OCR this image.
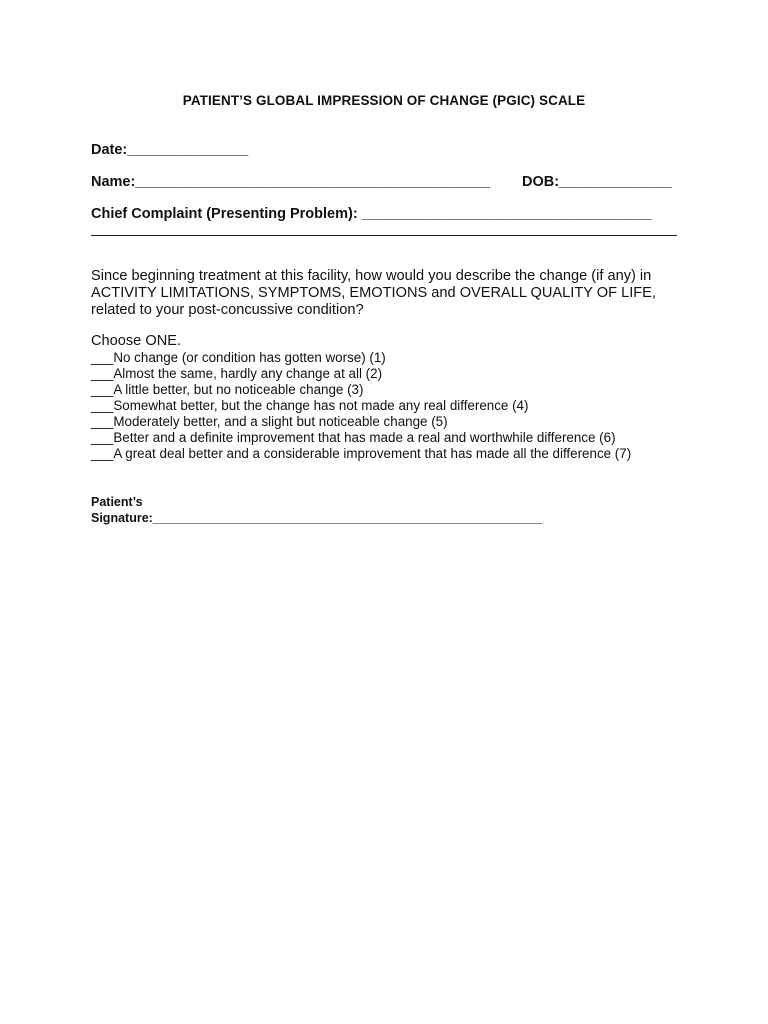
PATIENT’S GLOBAL IMPRESSION OF CHANGE (PGIC) SCALE
Date:_______________
Name:____________________________________________ DOB:______________
Chief Complaint (Presenting Problem): ____________________________________
Since beginning treatment at this facility, how would you describe the change (if any) in
ACTIVITY LIMITATIONS, SYMPTOMS, EMOTIONS and OVERALL QUALITY OF LIFE,
related to your post-concussive condition?
Choose ONE.
___No change (or condition has gotten worse) (1)
___Almost the same, hardly any change at all (2)
___A little better, but no noticeable change (3)
___Somewhat better, but the change has not made any real difference (4)
___Moderately better, and a slight but noticeable change (5)
___Better and a definite improvement that has made a real and worthwhile difference (6)
___A great deal better and a considerable improvement that has made all the difference (7)
Patient’s
Signature:________________________________________________________
